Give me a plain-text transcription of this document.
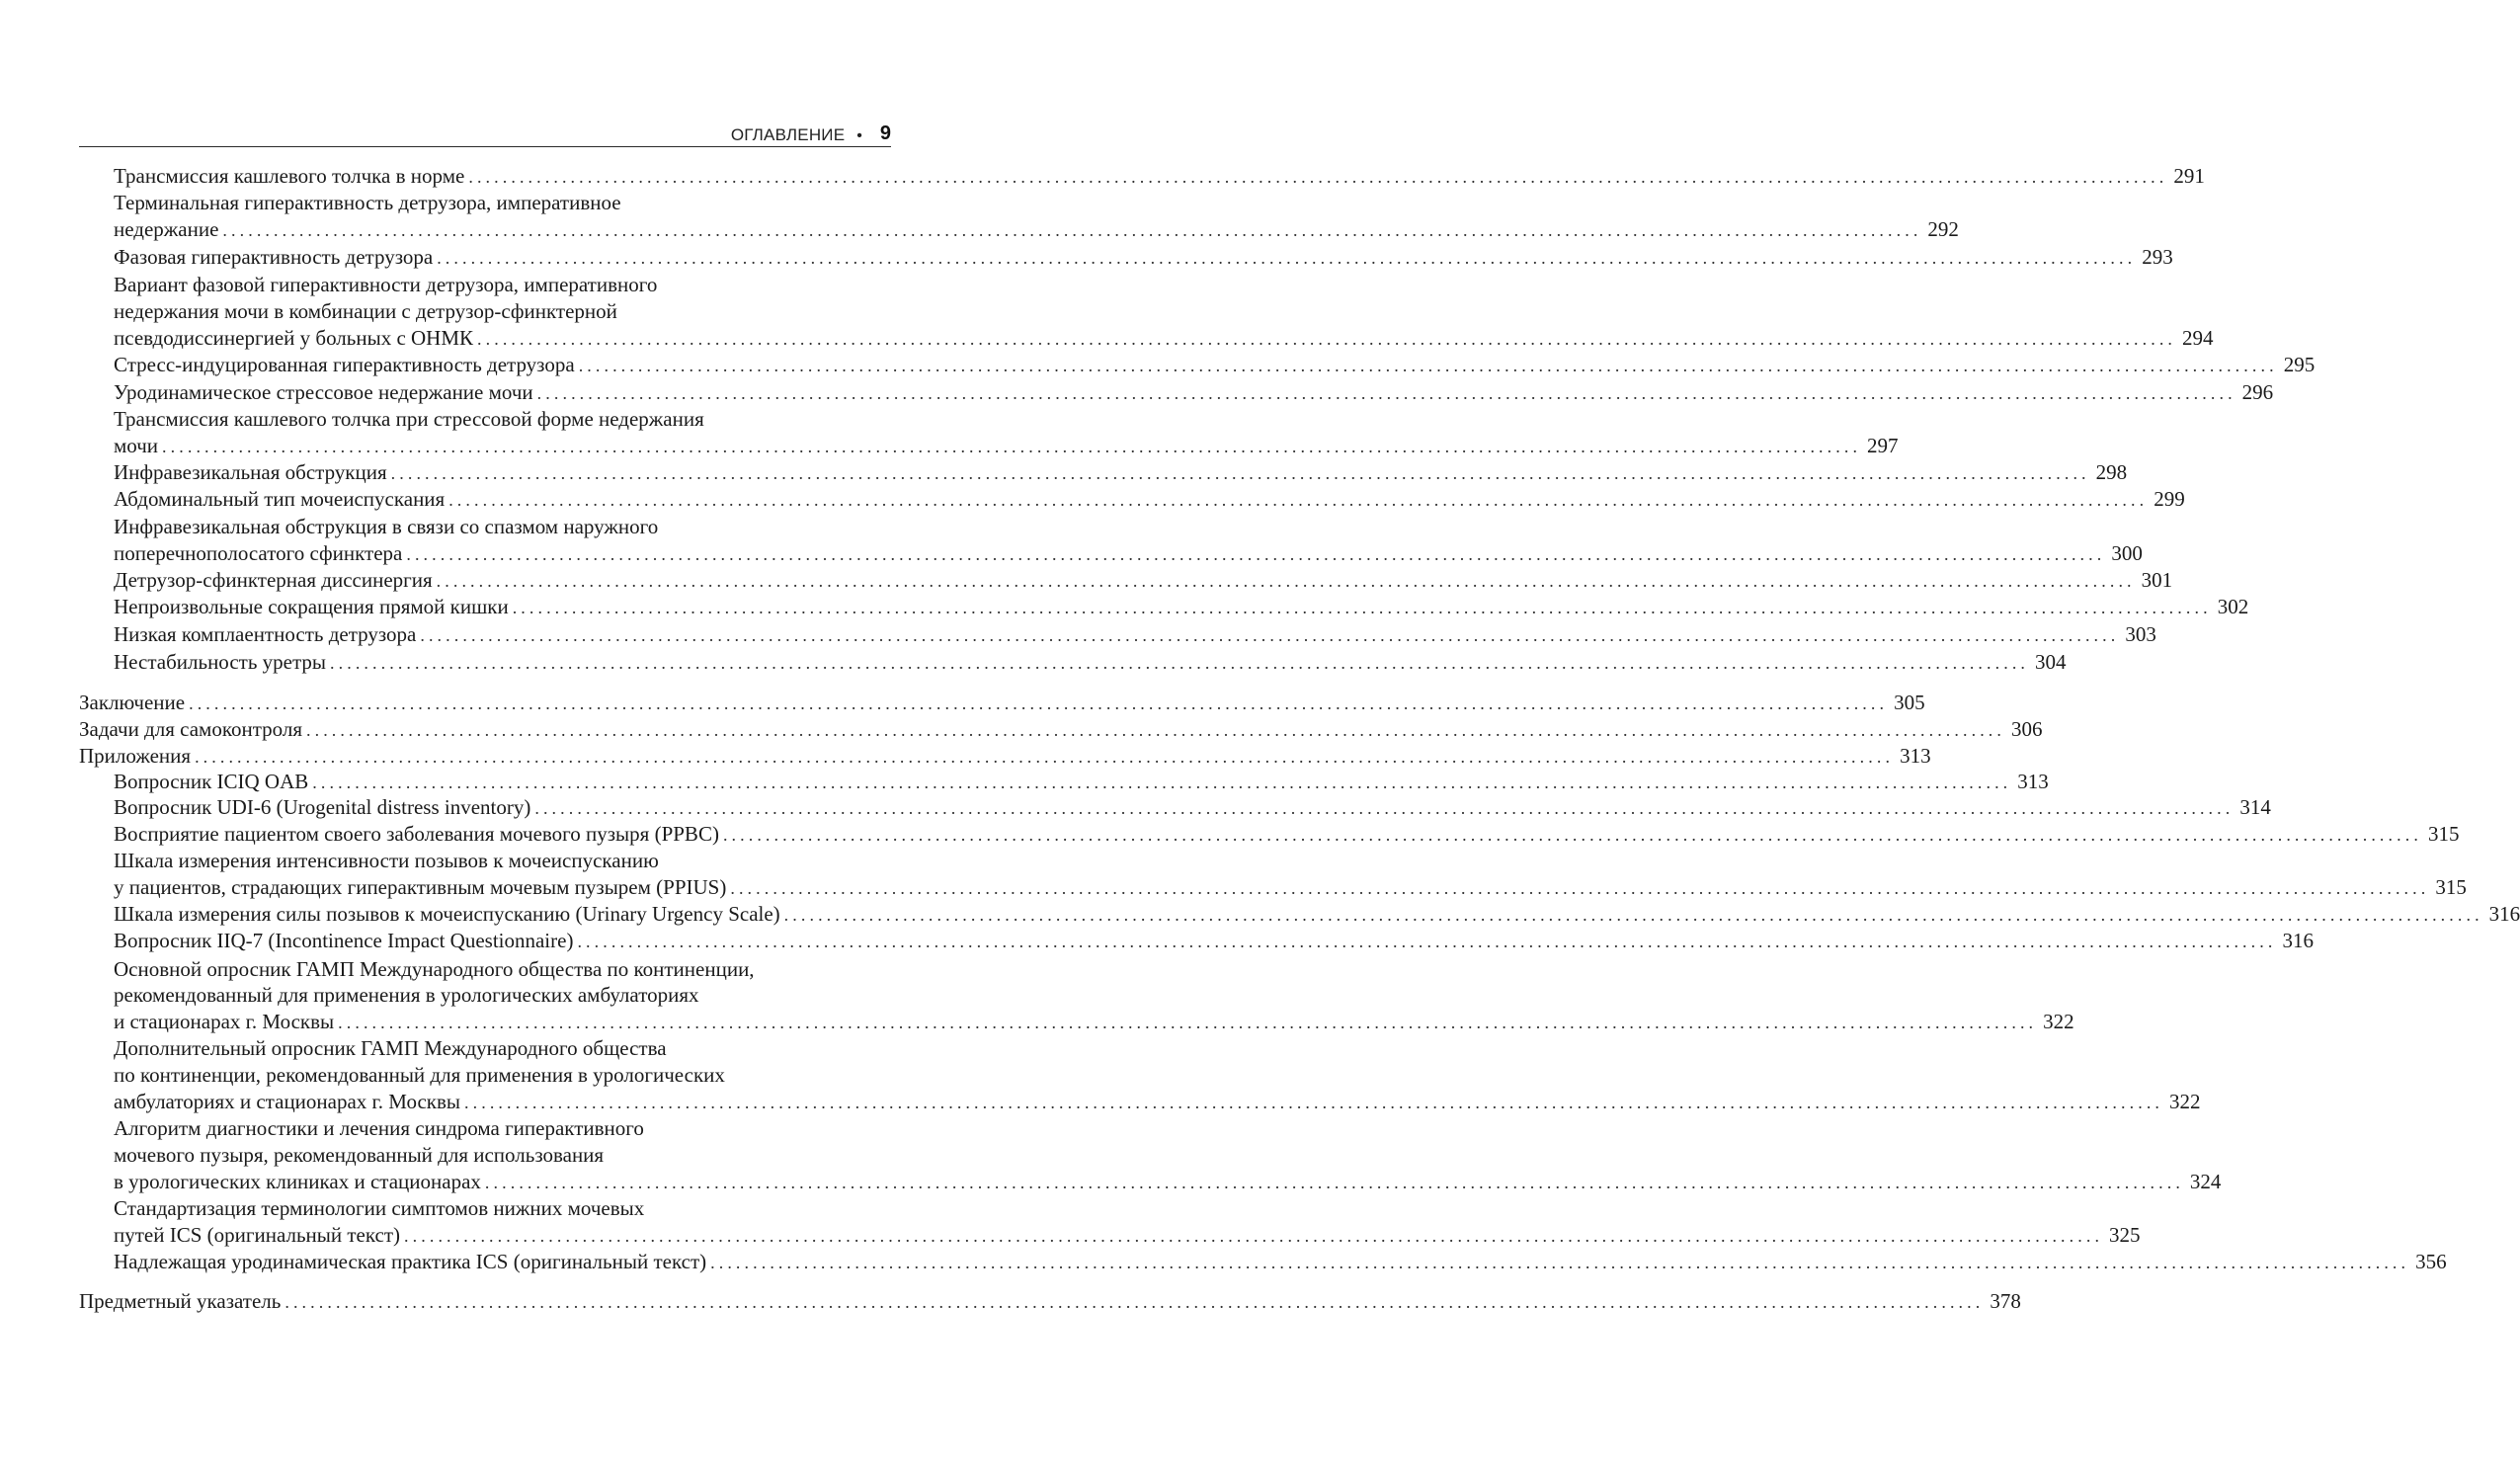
ОГЛАВЛЕНИЕ • 9
Трансмиссия кашлевого толчка в норме ........................................................................................................................................................................................................ 291
Терминальная гиперактивность детрузора, императивное
недержание ........................................................................................................................................................................................................ 292
Фазовая гиперактивность детрузора ........................................................................................................................................................................................................ 293
Вариант фазовой гиперактивности детрузора, императивного
недержания мочи в комбинации с детрузор-сфинктерной
псевдодиссинергией у больных с ОНМК ........................................................................................................................................................................................................ 294
Стресс-индуцированная гиперактивность детрузора ........................................................................................................................................................................................................ 295
Уродинамическое стрессовое недержание мочи ........................................................................................................................................................................................................ 296
Трансмиссия кашлевого толчка при стрессовой форме недержания
мочи ........................................................................................................................................................................................................ 297
Инфравезикальная обструкция ........................................................................................................................................................................................................ 298
Абдоминальный тип мочеиспускания ........................................................................................................................................................................................................ 299
Инфравезикальная обструкция в связи со спазмом наружного
поперечнополосатого сфинктера ........................................................................................................................................................................................................ 300
Детрузор-сфинктерная диссинергия ........................................................................................................................................................................................................ 301
Непроизвольные сокращения прямой кишки ........................................................................................................................................................................................................ 302
Низкая комплаентность детрузора ........................................................................................................................................................................................................ 303
Нестабильность уретры ........................................................................................................................................................................................................ 304
Заключение ........................................................................................................................................................................................................ 305
Задачи для самоконтроля ........................................................................................................................................................................................................ 306
Приложения ........................................................................................................................................................................................................ 313
Вопросник ICIQ OAB ........................................................................................................................................................................................................ 313
Вопросник UDI-6 (Urogenital distress inventory) ........................................................................................................................................................................................................ 314
Восприятие пациентом своего заболевания мочевого пузыря (PPBC) ........................................................................................................................................................................................................ 315
Шкала измерения интенсивности позывов к мочеиспусканию
у пациентов, страдающих гиперактивным мочевым пузырем (PPIUS) ........................................................................................................................................................................................................ 315
Шкала измерения силы позывов к мочеиспусканию (Urinary Urgency Scale) ........................................................................................................................................................................................................ 316
Вопросник IIQ-7 (Incontinence Impact Questionnaire) ........................................................................................................................................................................................................ 316
Основной опросник ГАМП Международного общества по континенции,
рекомендованный для применения в урологических амбулаториях
и стационарах г. Москвы ........................................................................................................................................................................................................ 322
Дополнительный опросник ГАМП Международного общества
по континенции, рекомендованный для применения в урологических
амбулаториях и стационарах г. Москвы ........................................................................................................................................................................................................ 322
Алгоритм диагностики и лечения синдрома гиперактивного
мочевого пузыря, рекомендованный для использования
в урологических клиниках и стационарах ........................................................................................................................................................................................................ 324
Стандартизация терминологии симптомов нижних мочевых
путей ICS (оригинальный текст) ........................................................................................................................................................................................................ 325
Надлежащая уродинамическая практика ICS (оригинальный текст) ........................................................................................................................................................................................................ 356
Предметный указатель ........................................................................................................................................................................................................ 378
